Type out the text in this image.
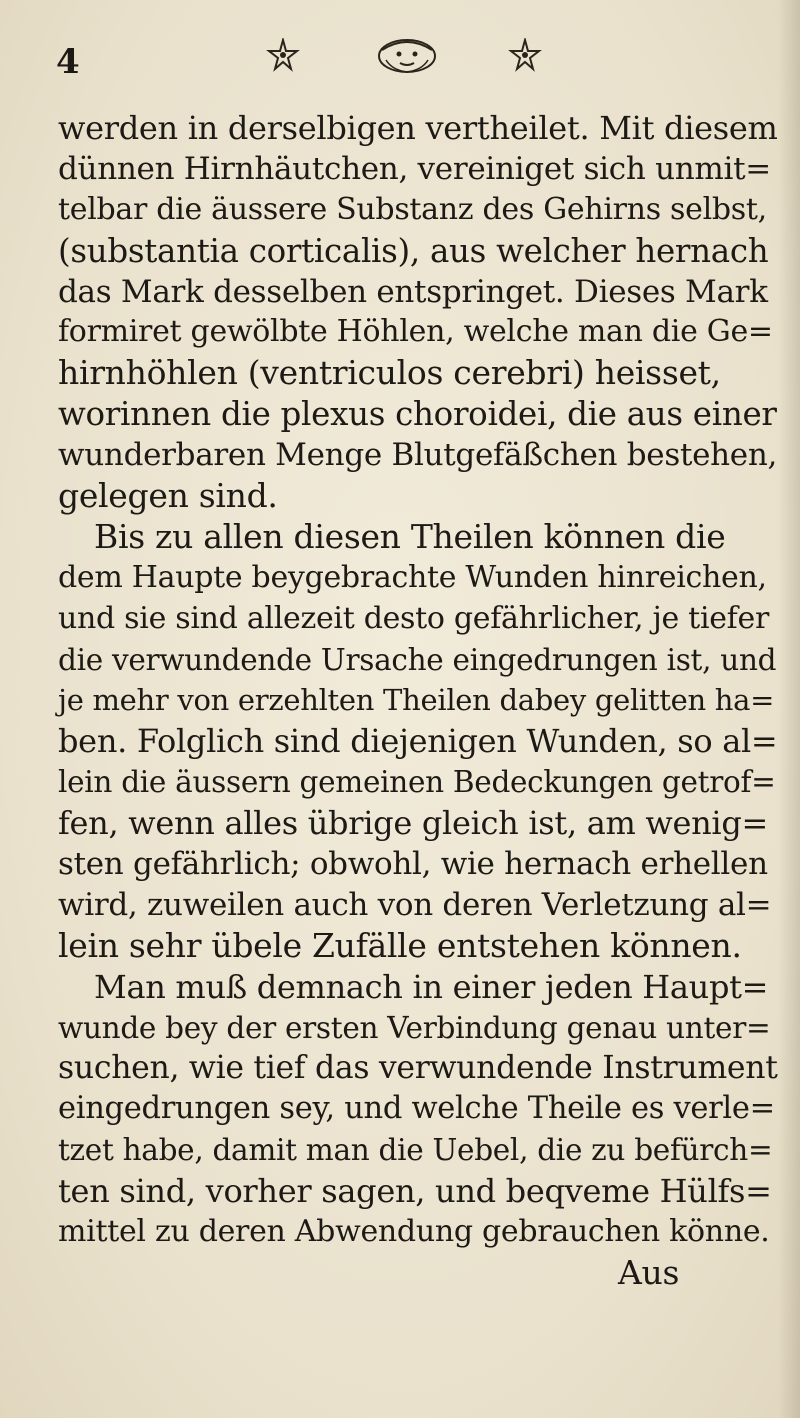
4
werden in derselbigen vertheilet. Mit diesem
dünnen Hirnhäutchen, vereiniget sich unmit=
telbar die äussere Substanz des Gehirns selbst,
(substantia corticalis), aus welcher hernach
das Mark desselben entspringet. Dieses Mark
formiret gewölbte Höhlen, welche man die Ge=
hirnhöhlen (ventriculos cerebri) heisset,
worinnen die plexus choroidei, die aus einer
wunderbaren Menge Blutgefäßchen bestehen,
gelegen sind.
Bis zu allen diesen Theilen können die
dem Haupte beygebrachte Wunden hinreichen,
und sie sind allezeit desto gefährlicher, je tiefer
die verwundende Ursache eingedrungen ist, und
je mehr von erzehlten Theilen dabey gelitten ha=
ben. Folglich sind diejenigen Wunden, so al=
lein die äussern gemeinen Bedeckungen getrof=
fen, wenn alles übrige gleich ist, am wenig=
sten gefährlich; obwohl, wie hernach erhellen
wird, zuweilen auch von deren Verletzung al=
lein sehr übele Zufälle entstehen können.
Man muß demnach in einer jeden Haupt=
wunde bey der ersten Verbindung genau unter=
suchen, wie tief das verwundende Instrument
eingedrungen sey, und welche Theile es verle=
tzet habe, damit man die Uebel, die zu befürch=
ten sind, vorher sagen, und beqveme Hülfs=
mittel zu deren Abwendung gebrauchen könne.
Aus
